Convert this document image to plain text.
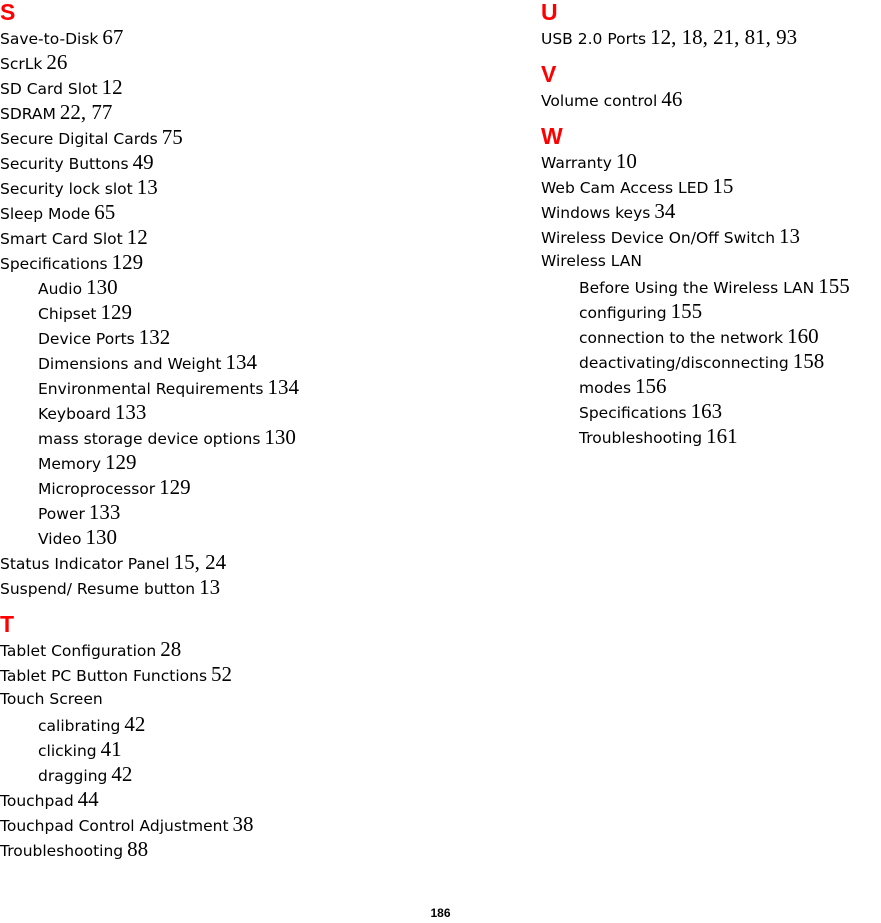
S
Save-to-Disk 67
ScrLk 26
SD Card Slot 12
SDRAM 22, 77
Secure Digital Cards 75
Security Buttons 49
Security lock slot 13
Sleep Mode 65
Smart Card Slot 12
Specifications 129
Audio 130
Chipset 129
Device Ports 132
Dimensions and Weight 134
Environmental Requirements 134
Keyboard 133
mass storage device options 130
Memory 129
Microprocessor 129
Power 133
Video 130
Status Indicator Panel 15, 24
Suspend/ Resume button 13
T
Tablet Configuration 28
Tablet PC Button Functions 52
Touch Screen
calibrating 42
clicking 41
dragging 42
Touchpad 44
Touchpad Control Adjustment 38
Troubleshooting 88
U
USB 2.0 Ports 12, 18, 21, 81, 93
V
Volume control 46
W
Warranty 10
Web Cam Access LED 15
Windows keys 34
Wireless Device On/Off Switch 13
Wireless LAN
Before Using the Wireless LAN 155
configuring 155
connection to the network 160
deactivating/disconnecting 158
modes 156
Specifications 163
Troubleshooting 161
186
